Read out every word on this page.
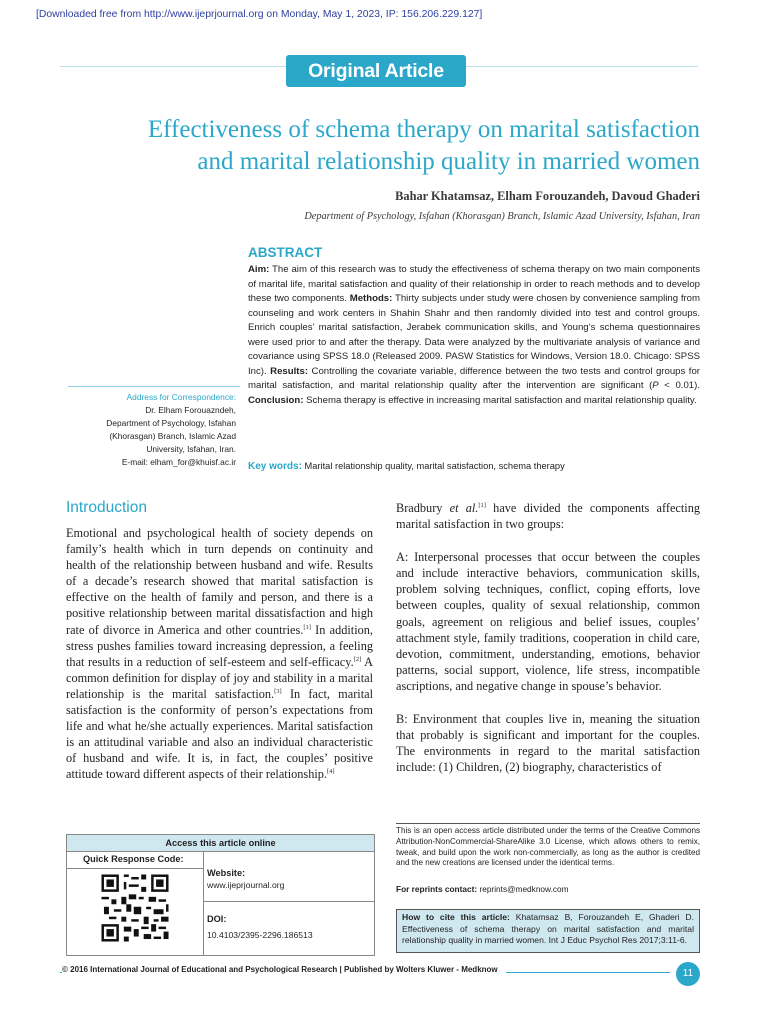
[Downloaded free from http://www.ijeprjournal.org on Monday, May 1, 2023, IP: 156.206.229.127]
Original Article
Effectiveness of schema therapy on marital satisfaction
and marital relationship quality in married women
Bahar Khatamsaz, Elham Forouzandeh, Davoud Ghaderi
Department of Psychology, Isfahan (Khorasgan) Branch, Islamic Azad University, Isfahan, Iran
ABSTRACT
Aim: The aim of this research was to study the effectiveness of schema therapy on two main components of marital life, marital satisfaction and quality of their relationship in order to reach methods and to develop these two components. Methods: Thirty subjects under study were chosen by convenience sampling from counseling and work centers in Shahin Shahr and then randomly divided into test and control groups. Enrich couples’ marital satisfaction, Jerabek communication skills, and Young’s schema questionnaires were used prior to and after the therapy. Data were analyzed by the multivariate analysis of variance and covariance using SPSS 18.0 (Released 2009. PASW Statistics for Windows, Version 18.0. Chicago: SPSS Inc). Results: Controlling the covariate variable, difference between the two tests and control groups for marital satisfaction, and marital relationship quality after the intervention are significant (P < 0.01). Conclusion: Schema therapy is effective in increasing marital satisfaction and marital relationship quality.
Key words: Marital relationship quality, marital satisfaction, schema therapy
Address for Correspondence:
Dr. Elham Forouazndeh,
Department of Psychology, Isfahan
(Khorasgan) Branch, Islamic Azad
University, Isfahan, Iran.
E-mail: elham_for@khuisf.ac.ir
Introduction
Emotional and psychological health of society depends on family’s health which in turn depends on continuity and health of the relationship between husband and wife. Results of a decade’s research showed that marital satisfaction is effective on the health of family and person, and there is a positive relationship between marital dissatisfaction and high rate of divorce in America and other countries.[1] In addition, stress pushes families toward increasing depression, a feeling that results in a reduction of self-esteem and self-efficacy.[2] A common definition for display of joy and stability in a marital relationship is the marital satisfaction.[3] In fact, marital satisfaction is the conformity of person’s expectations from life and what he/she actually experiences. Marital satisfaction is an attitudinal variable and also an individual characteristic of husband and wife. It is, in fact, the couples’ positive attitude toward different aspects of their relationship.[4]

Bradbury et al.[1] have divided the components affecting marital satisfaction in two groups:

A: Interpersonal processes that occur between the couples and include interactive behaviors, communication skills, problem solving techniques, conflict, coping efforts, love between couples, quality of sexual relationship, common goals, agreement on religious and belief issues, couples’ attachment style, family traditions, cooperation in child care, devotion, commitment, understanding, emotions, behavior patterns, social support, violence, life stress, incompatible ascriptions, and negative change in spouse’s behavior.

B: Environment that couples live in, meaning the situation that probably is significant and important for the couples. The environments in regard to the marital satisfaction include: (1) Children, (2) biography, characteristics of

Access this article online
Quick Response Code:
Website:
www.ijeprjournal.org
DOI:
10.4103/2395-2296.186513
This is an open access article distributed under the terms of the Creative Commons Attribution-NonCommercial-ShareAlike 3.0 License, which allows others to remix, tweak, and build upon the work non-commercially, as long as the author is credited and the new creations are licensed under the identical terms.
For reprints contact: reprints@medknow.com
How to cite this article: Khatamsaz B, Forouzandeh E, Ghaderi D. Effectiveness of schema therapy on marital satisfaction and marital relationship quality in married women. Int J Educ Psychol Res 2017;3:11-6.
© 2016 International Journal of Educational and Psychological Research | Published by Wolters Kluwer - Medknow	11
